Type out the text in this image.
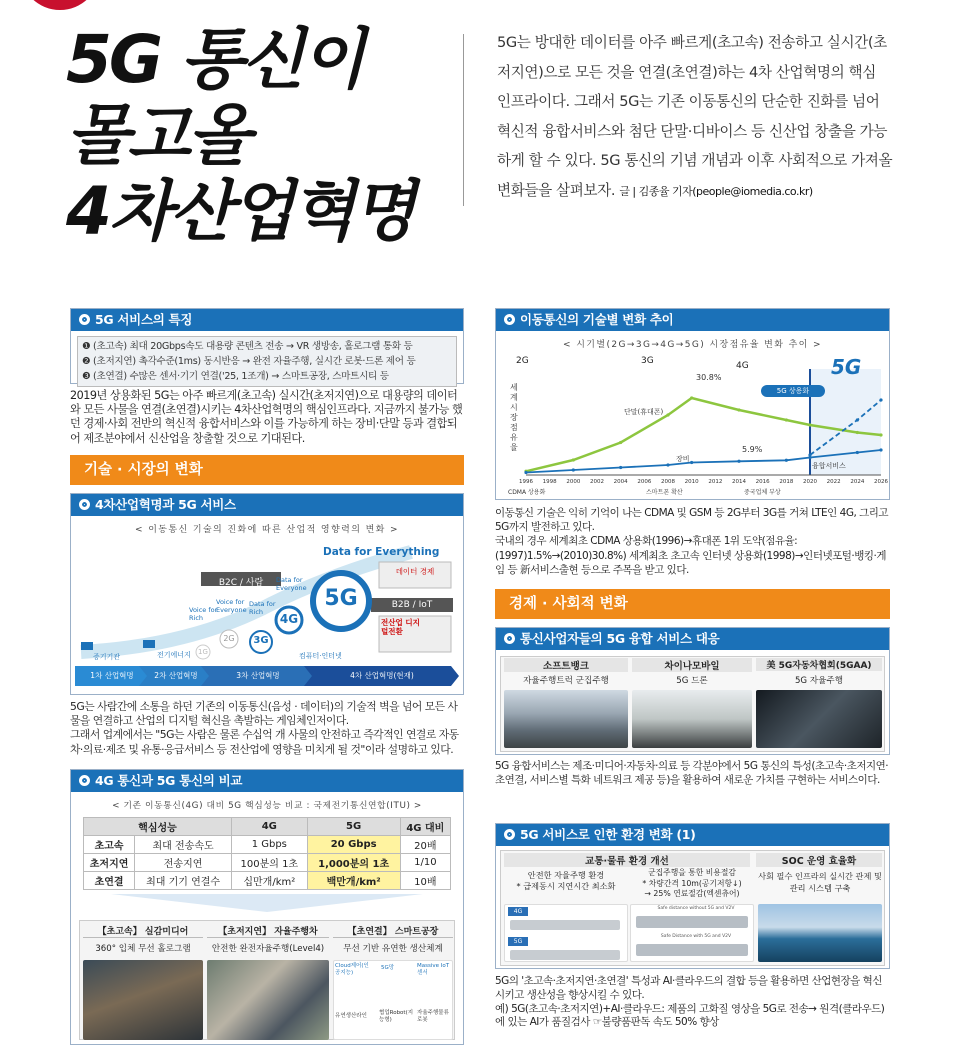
5G 통신이
몰고올
4차산업혁명
5G는 방대한 데이터를 아주 빠르게(초고속) 전송하고 실시간(초저지연)으로 모든 것을 연결(초연결)하는 4차 산업혁명의 핵심 인프라이다. 그래서 5G는 기존 이동통신의 단순한 진화를 넘어 혁신적 융합서비스와 첨단 단말·디바이스 등 신산업 창출을 가능하게 할 수 있다. 5G 통신의 기념 개념과 이후 사회적으로 가져올 변화들을 살펴보자. 글 | 김종율 기자(people@iomedia.co.kr)
5G 서비스의 특징
❶ (초고속) 최대 20Gbps속도 대용량 콘텐츠 전송 → VR 생방송, 홀로그램 통화 등
❷ (초저지연) 촉각수준(1ms) 동시반응 → 완전 자율주행, 실시간 로봇·드론 제어 등
❸ (초연결) 수많은 센서·기기 연결('25, 1조개) → 스마트공장, 스마트시티 등
2019년 상용화된 5G는 아주 빠르게(초고속) 실시간(초저지연)으로 대용량의 데이터와 모든 사물을 연결(초연결)시키는 4차산업혁명의 핵심인프라다. 지금까지 불가능 했던 경제·사회 전반의 혁신적 융합서비스와 이를 가능하게 하는 장비·단말 등과 결합되어 제조분야에서 신산업을 창출할 것으로 기대된다.
기술 · 시장의 변화
4차산업혁명과 5G 서비스
< 이동통신 기술의 진화에 따른 산업적 영향력의 변화 >
Data for Everything
B2C / 사람
B2B / IoT
데이터 경제
전산업 디지털전환
Voice for Rich
Voice for Everyone
Data for Rich
Data for Everyone
1G
2G 3G
4G
5G
컴퓨터·인터넷
증기기관	전기에너지
1차 산업혁명	2차 산업혁명	3차 산업혁명	4차 산업혁명(현재)
5G는 사람간에 소통을 하던 기존의 이동통신(음성 · 데이터)의 기술적 벽을 넘어 모든 사물을 연결하고 산업의 디지털 혁신을 촉발하는 게임체인저이다.
그래서 업계에서는 "5G는 사람은 물론 수십억 개 사물의 안전하고 즉각적인 연결로 자동차·의료·제조 및 유통·응급서비스 등 전산업에 영향을 미치게 될 것"이라 설명하고 있다.
4G 통신과 5G 통신의 비교
< 기존 이동통신(4G) 대비 5G 핵심성능 비교 : 국제전기통신연합(ITU) >
핵심성능		4G	5G	4G 대비
초고속	최대 전송속도	1 Gbps	20 Gbps	20배
초저지연	전송지연	100분의 1초	1,000분의 1초	1/10
초연결	최대 기기 연결수	십만개/km²	백만개/km²	10배
【초고속】 실감미디어	【초저지연】 자율주행차	【초연결】 스마트공장
360° 입체 무선 홀로그램	안전한 완전자율주행(Level4)	무선 기반 유연한 생산체계
Cloud제어(인공지능)
5G망	Massive IoT센서
유연생산라인	협업Robot(지능형)
자율주행물류로봇
이동통신의 기술별 변화 추이
< 시기별(2G→3G→4G→5G) 시장점유율 변화 추이 >
1996 1998 2000 2002 2004 2006 2008 2010 2012 2014 2016 2018 2020 2022 2024 2026
세계시장점유율
2G	3G	4G
30.8%
5.9%
단말(휴대폰)
장비
융합서비스
5G 상용화
5G
CDMA 상용화	스마트폰 확산	중국업체 부상
이동통신 기술은 익히 기억이 나는 CDMA 및 GSM 등 2G부터 3G를 거쳐 LTE인 4G, 그리고 5G까지 발전하고 있다.
국내의 경우 세계최초 CDMA 상용화(1996)→휴대폰 1위 도약(점유율:(1997)1.5%→(2010)30.8%) 세계최초 초고속 인터넷 상용화(1998)→인터넷포털·뱅킹·게임 등 新서비스출현 등으로 주목을 받고 있다.
경제 · 사회적 변화
통신사업자들의 5G 융합 서비스 대응
소프트뱅크	차이나모바일	美 5G자동차협회(5GAA)
자율주행트럭 군집주행	5G 드론	5G 자율주행
5G 융합서비스는 제조·미디어·자동차·의료 등 각분야에서 5G 통신의 특성(초고속·초저지연·초연결, 서비스별 특화 네트워크 제공 등)을 활용하여 새로운 가치를 구현하는 서비스이다.
5G 서비스로 인한 환경 변화 (1)
교통·물류 환경 개선	SOC 운영 효율화
안전한 자율주행 환경
* 급제동시 지연시간 최소화
군집주행을 통한 비용절감
* 차량간격 10m(공기저항↓)
→ 25% 연료절감(엑센츄어)
사회 필수 인프라의 실시간 관제 및 관리 시스템 구축
4G
5G
Safe distance without 5G and V2V
Safe Distance with 5G and V2V
5G의 '초고속·초저지연·초연결' 특성과 AI·클라우드의 결합 등을 활용하면 산업현장을 혁신시키고 생산성을 향상시킬 수 있다.
예) 5G(초고속·초저지연)+AI·클라우드: 제품의 고화질 영상을 5G로 전송→ 원격(클라우드)에 있는 AI가 품질검사 ☞불량품판독 속도 50% 향상
